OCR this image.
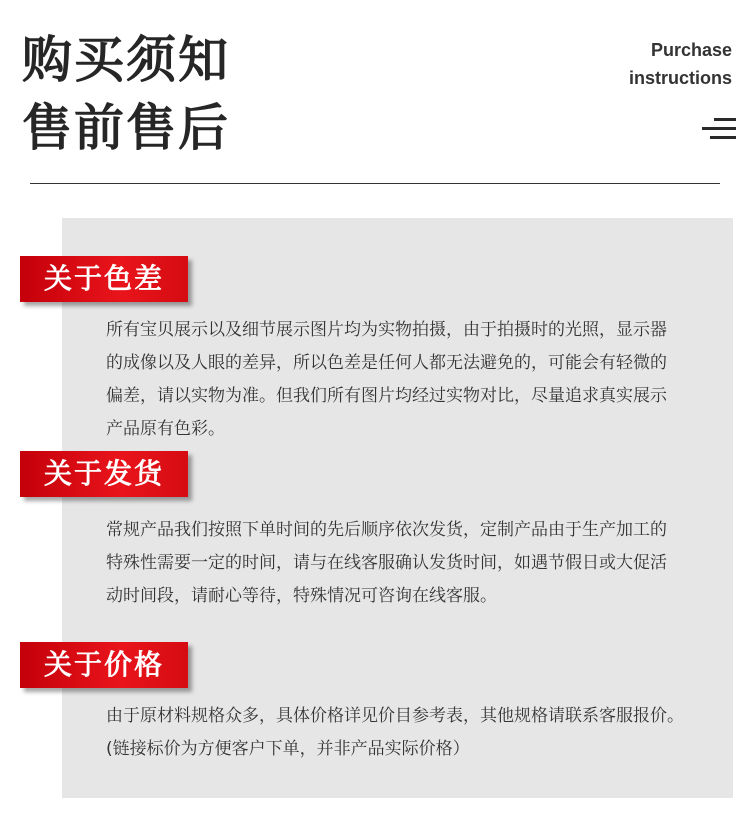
购买须知
售前售后
Purchase
instructions
关于色差
所有宝贝展示以及细节展示图片均为实物拍摄，由于拍摄时的光照，显示器
的成像以及人眼的差异，所以色差是任何人都无法避免的，可能会有轻微的
偏差，请以实物为准。但我们所有图片均经过实物对比，尽量追求真实展示
产品原有色彩。
关于发货
常规产品我们按照下单时间的先后顺序依次发货，定制产品由于生产加工的
特殊性需要一定的时间，请与在线客服确认发货时间，如遇节假日或大促活
动时间段，请耐心等待，特殊情况可咨询在线客服。
关于价格
由于原材料规格众多，具体价格详见价目参考表，其他规格请联系客服报价。
(链接标价为方便客户下单，并非产品实际价格）
